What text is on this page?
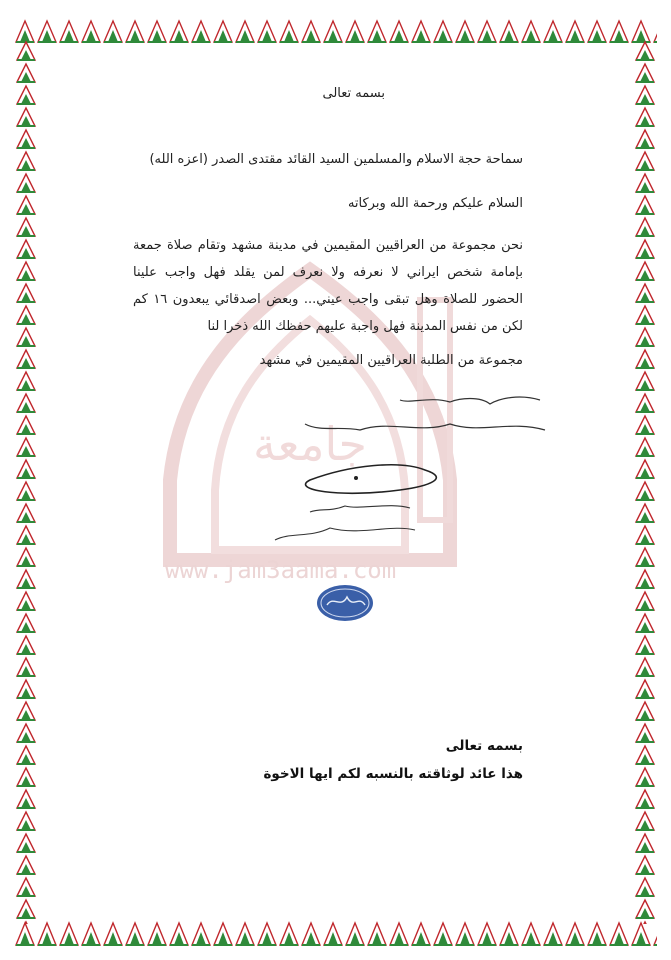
جامعة
www.jam3aama.com
بسمه تعالى
سماحة حجة الاسلام والمسلمين السيد القائد مقتدى الصدر (اعزه الله)
السلام عليكم ورحمة الله وبركاته
نحن مجموعة من العراقيين المقيمين في مدينة مشهد وتقام صلاة جمعة بإمامة شخص ايراني لا نعرفه ولا نعرف لمن يقلد فهل واجب علينا الحضور للصلاة وهل تبقى واجب عيني... وبعض اصدقائي يبعدون ١٦ كم لكن من نفس المدينة فهل واجبة عليهم حفظك الله ذخرا لنا
مجموعة من الطلبة العراقيين المقيمين في مشهد
بسمه تعالى
هذا عائد لوثاقته بالنسبه لكم ايها الاخوة
